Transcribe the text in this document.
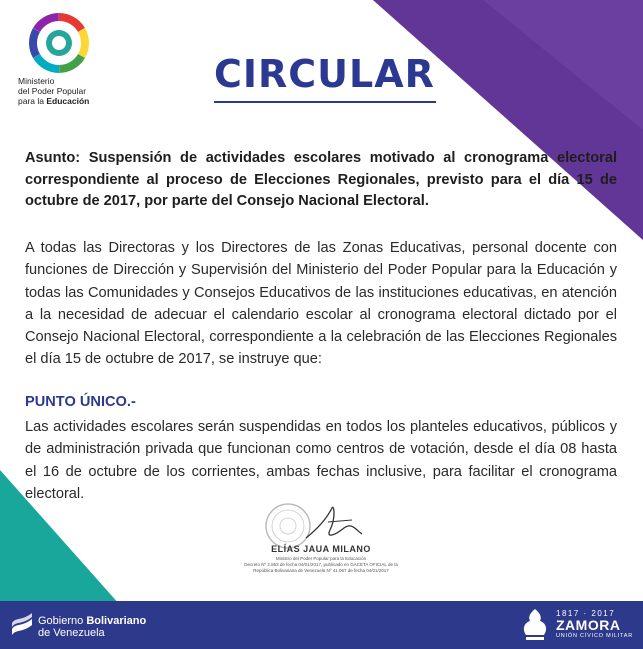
Ministerio
del Poder Popular
para la Educación
CIRCULAR
Asunto: Suspensión de actividades escolares motivado al cronograma electoral correspondiente al proceso de Elecciones Regionales, previsto para el día 15 de octubre de 2017, por parte del Consejo Nacional Electoral.
A todas las Directoras y los Directores de las Zonas Educativas, personal docente con funciones de Dirección y Supervisión del Ministerio del Poder Popular para la Educación y todas las Comunidades y Consejos Educativos de las instituciones educativas, en atención a la necesidad de adecuar el calendario escolar al cronograma electoral dictado por el Consejo Nacional Electoral, correspondiente a la celebración de las Elecciones Regionales el día 15 de octubre de 2017, se instruye que:
PUNTO ÚNICO.-
Las actividades escolares serán suspendidas en todos los planteles educativos, públicos y de administración privada que funcionan como centros de votación, desde el día 08 hasta el 16 de octubre de los corrientes, ambas fechas inclusive, para facilitar el cronograma electoral.
ELÍAS JAUA MILANO
Ministro del Poder Popular para la Educación
Decreto Nº 2.853 de fecha 04/01/2017, publicado en GACETA OFICIAL de la
República Bolivariana de Venezuela Nº 41.067 de fecha 04/01/2017
Gobierno Bolivariano
de Venezuela
1817 · 2017
ZAMORA
UNIÓN CÍVICO MILITAR
